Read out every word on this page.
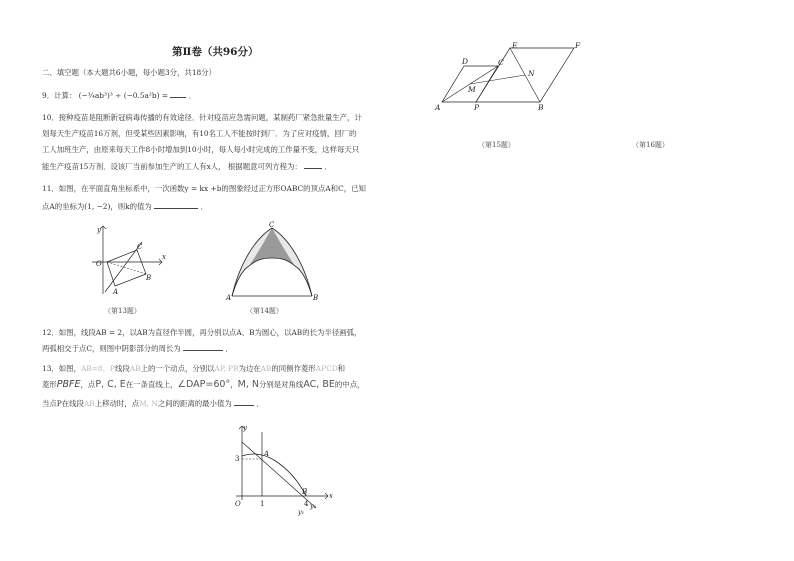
第Ⅱ卷（共96分）
二、填空题（本大题共6小题，每小题3分，共18分）
9．计算： (−¼ab³)³ ÷ (−0.5a²b) =	．
10．接种疫苗是阻断新冠病毒传播的有效途径．针对疫苗应急需问题，某制药厂紧急批量生产，计
划每天生产疫苗16万剂，但受某些因素影响，有10名工人不能按时到厂．为了应对疫情，回厂的
工人加班生产，由原来每天工作8小时增加到10小时，每人每小时完成的工作量不变，这样每天只
能生产疫苗15万剂．设该厂当前参加生产的工人有x人， 根据题意可列方程为：	．
11．如图，在平面直角坐标系中，一次函数y = kx +b的图象经过正方形OABC的顶点A和C，已知
点A的坐标为(1, −2)，则k的值为	．
y
x
O
A
B
C
（第13题）
A	B
C
（第14题）
12．如图，线段AB = 2，以AB为直径作半圆，再分别以点A、B为圆心，以AB的长为半径画弧，
两弧相交于点C，则图中阴影部分的周长为	．
13．如图，AB=8，P线段AB上的一个动点，分别以AP, PB为边在AB的同侧作菱形APCD和
菱形PBFE，点P, C, E在一条直线上，∠DAP=60°，M, N分别是对角线AC, BE的中点，
当点P在线段AB上移动时，点M, N之间的距离的最小值为	．
y
x
O
3
1	4
A
B
y₁
y₂
D	C
E	F
N
M
A	P	B
（第15题）	（第16题）
